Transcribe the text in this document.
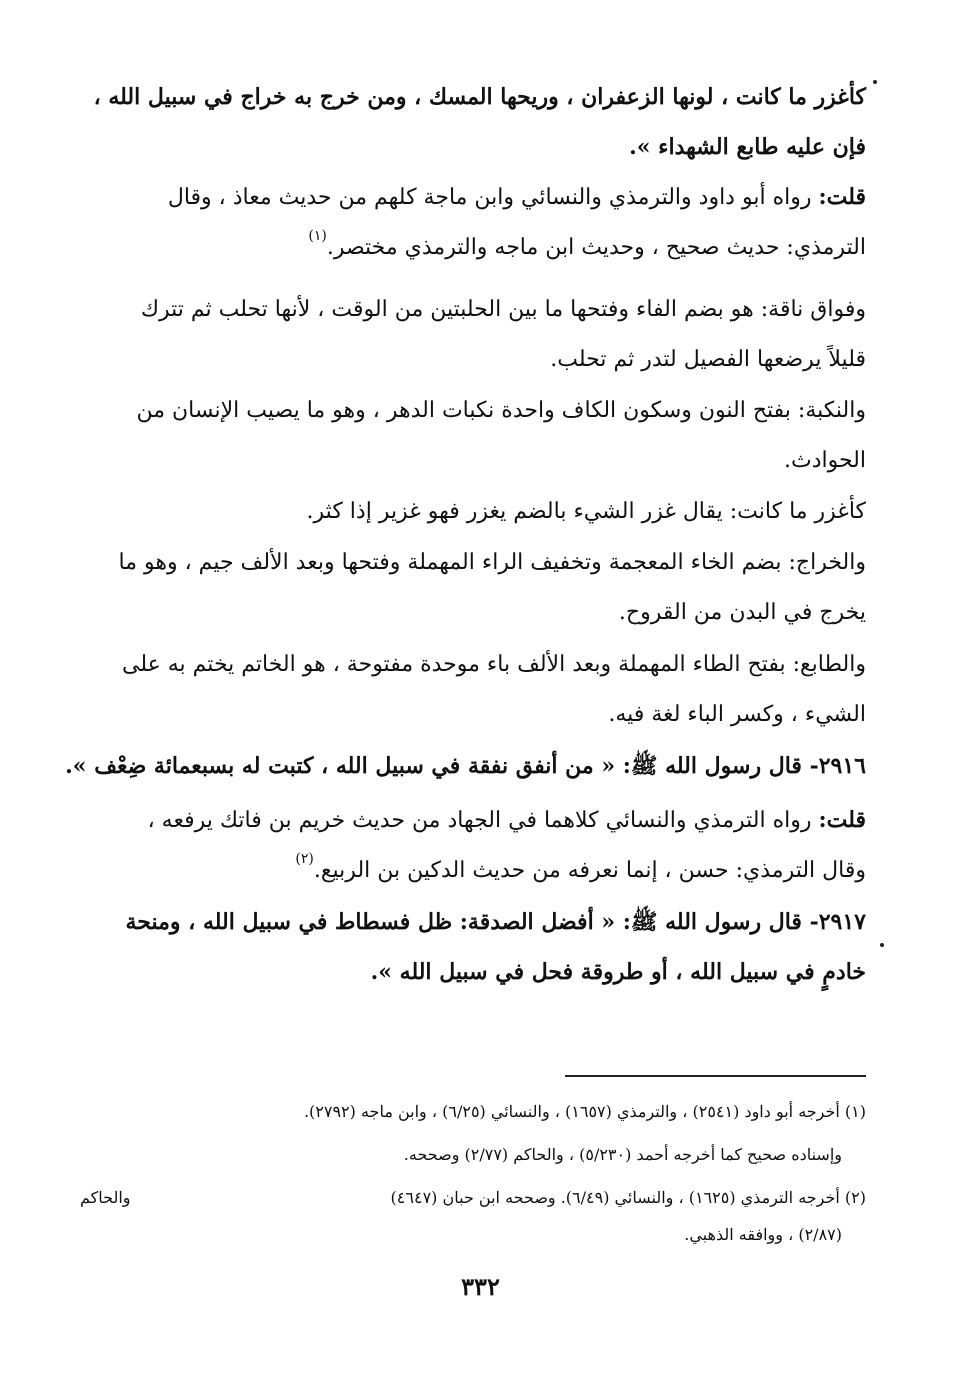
كأغزر ما كانت ، لونها الزعفران ، وريحها المسك ، ومن خرج به خراج في سبيل الله ،
فإن عليه طابع الشهداء ».
قلت: رواه أبو داود والترمذي والنسائي وابن ماجة كلهم من حديث معاذ ، وقال
الترمذي: حديث صحيح ، وحديث ابن ماجه والترمذي مختصر.$^{(١)}$
وفواق ناقة: هو بضم الفاء وفتحها ما بين الحلبتين من الوقت ، لأنها تحلب ثم تترك
قليلاً يرضعها الفصيل لتدر ثم تحلب.
والنكبة: بفتح النون وسكون الكاف واحدة نكبات الدهر ، وهو ما يصيب الإنسان من
الحوادث.
كأغزر ما كانت: يقال غزر الشيء بالضم يغزر فهو غزير إذا كثر.
والخراج: بضم الخاء المعجمة وتخفيف الراء المهملة وفتحها وبعد الألف جيم ، وهو ما
يخرج في البدن من القروح.
والطابع: بفتح الطاء المهملة وبعد الألف باء موحدة مفتوحة ، هو الخاتم يختم به على
الشيء ، وكسر الباء لغة فيه.
٢٩١٦- قال رسول الله ﷺ: « من أنفق نفقة في سبيل الله ، كتبت له بسبعمائة ضِعْف ».
قلت: رواه الترمذي والنسائي كلاهما في الجهاد من حديث خريم بن فاتك يرفعه ،
وقال الترمذي: حسن ، إنما نعرفه من حديث الدكين بن الربيع.$^{(٢)}$
٢٩١٧- قال رسول الله ﷺ: « أفضل الصدقة: ظل فسطاط في سبيل الله ، ومنحة
خادمٍ في سبيل الله ، أو طروقة فحل في سبيل الله ».
(١) أخرجه أبو داود (٢٥٤١) ، والترمذي (١٦٥٧) ، والنسائي (٦/٢٥) ، وابن ماجه (٢٧٩٢).
وإسناده صحيح كما أخرجه أحمد (٥/٢٣٠) ، والحاكم (٢/٧٧) وصححه.
(٢) أخرجه الترمذي (١٦٢٥) ، والنسائي (٦/٤٩). وصححه ابن حبان (٤٦٤٧)
والحاكم
(٢/٨٧) ، ووافقه الذهبي.
٣٣٢
